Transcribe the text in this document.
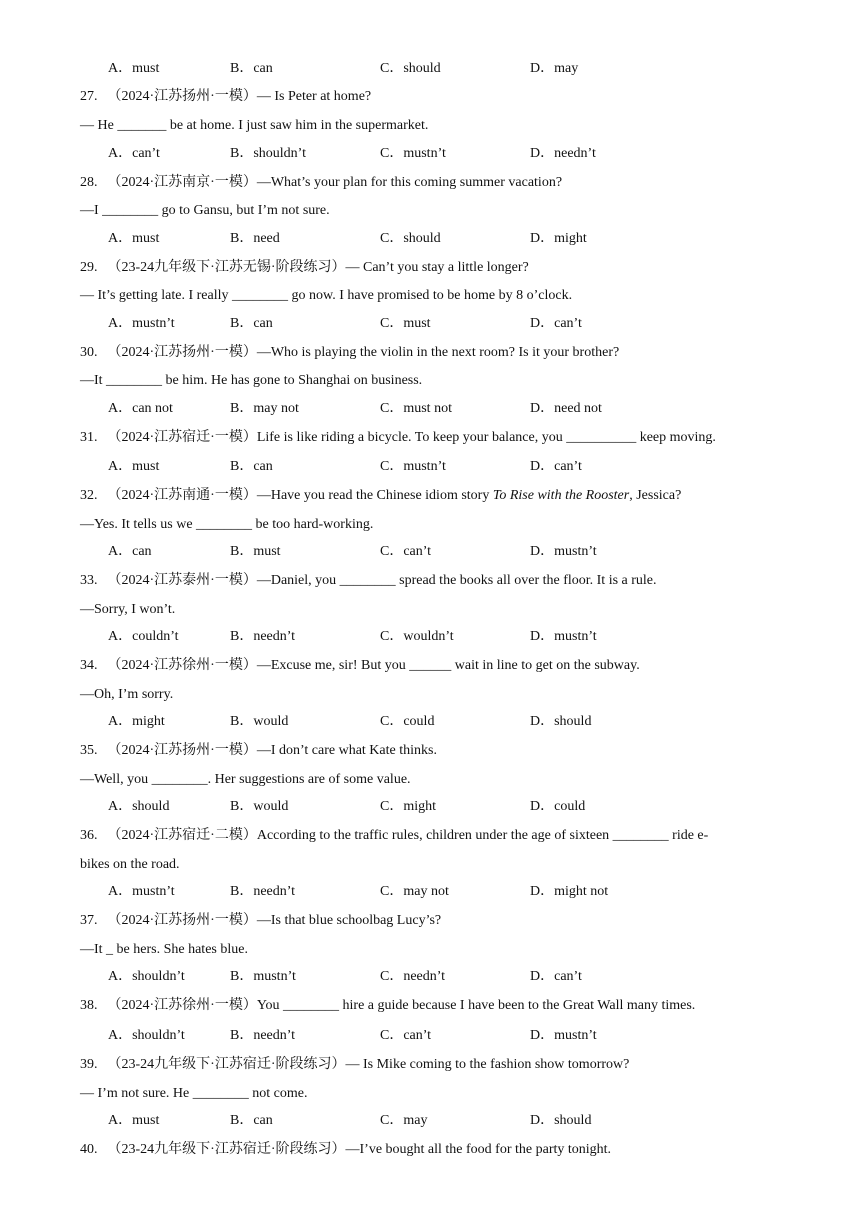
A．must	B．can	C．should	D．may
27. （2024·江苏扬州·一模）— Is Peter at home?
— He _______ be at home. I just saw him in the supermarket.
A．can’t	B．shouldn’t	C．mustn’t	D．needn’t
28. （2024·江苏南京·一模）—What’s your plan for this coming summer vacation?
—I ________ go to Gansu, but I’m not sure.
A．must	B．need	C．should	D．might
29. （23-24九年级下·江苏无锡·阶段练习）— Can’t you stay a little longer?
— It’s getting late. I really ________ go now. I have promised to be home by 8 o’clock.
A．mustn’t	B．can	C．must	D．can’t
30. （2024·江苏扬州·一模）—Who is playing the violin in the next room? Is it your brother?
—It ________ be him. He has gone to Shanghai on business.
A．can not	B．may not	C．must not	D．need not
31. （2024·江苏宿迁·一模）Life is like riding a bicycle. To keep your balance, you __________ keep moving.
A．must	B．can	C．mustn’t	D．can’t
32. （2024·江苏南通·一模）—Have you read the Chinese idiom story To Rise with the Rooster, Jessica?
—Yes. It tells us we ________ be too hard-working.
A．can	B．must	C．can’t	D．mustn’t
33. （2024·江苏泰州·一模）—Daniel, you ________ spread the books all over the floor. It is a rule.
—Sorry, I won’t.
A．couldn’t	B．needn’t	C．wouldn’t	D．mustn’t
34. （2024·江苏徐州·一模）—Excuse me, sir! But you ______ wait in line to get on the subway.
—Oh, I’m sorry.
A．might	B．would	C．could	D．should
35. （2024·江苏扬州·一模）—I don’t care what Kate thinks.
—Well, you ________. Her suggestions are of some value.
A．should	B．would	C．might	D．could
36. （2024·江苏宿迁·二模）According to the traffic rules, children under the age of sixteen ________ ride e-
bikes on the road.
A．mustn’t	B．needn’t	C．may not	D．might not
37. （2024·江苏扬州·一模）—Is that blue schoolbag Lucy’s?
—It _ be hers. She hates blue.
A．shouldn’t	B．mustn’t	C．needn’t	D．can’t
38. （2024·江苏徐州·一模）You ________ hire a guide because I have been to the Great Wall many times.
A．shouldn’t	B．needn’t	C．can’t	D．mustn’t
39. （23-24九年级下·江苏宿迁·阶段练习）— Is Mike coming to the fashion show tomorrow?
— I’m not sure. He ________ not come.
A．must	B．can	C．may	D．should
40. （23-24九年级下·江苏宿迁·阶段练习）—I’ve bought all the food for the party tonight.
